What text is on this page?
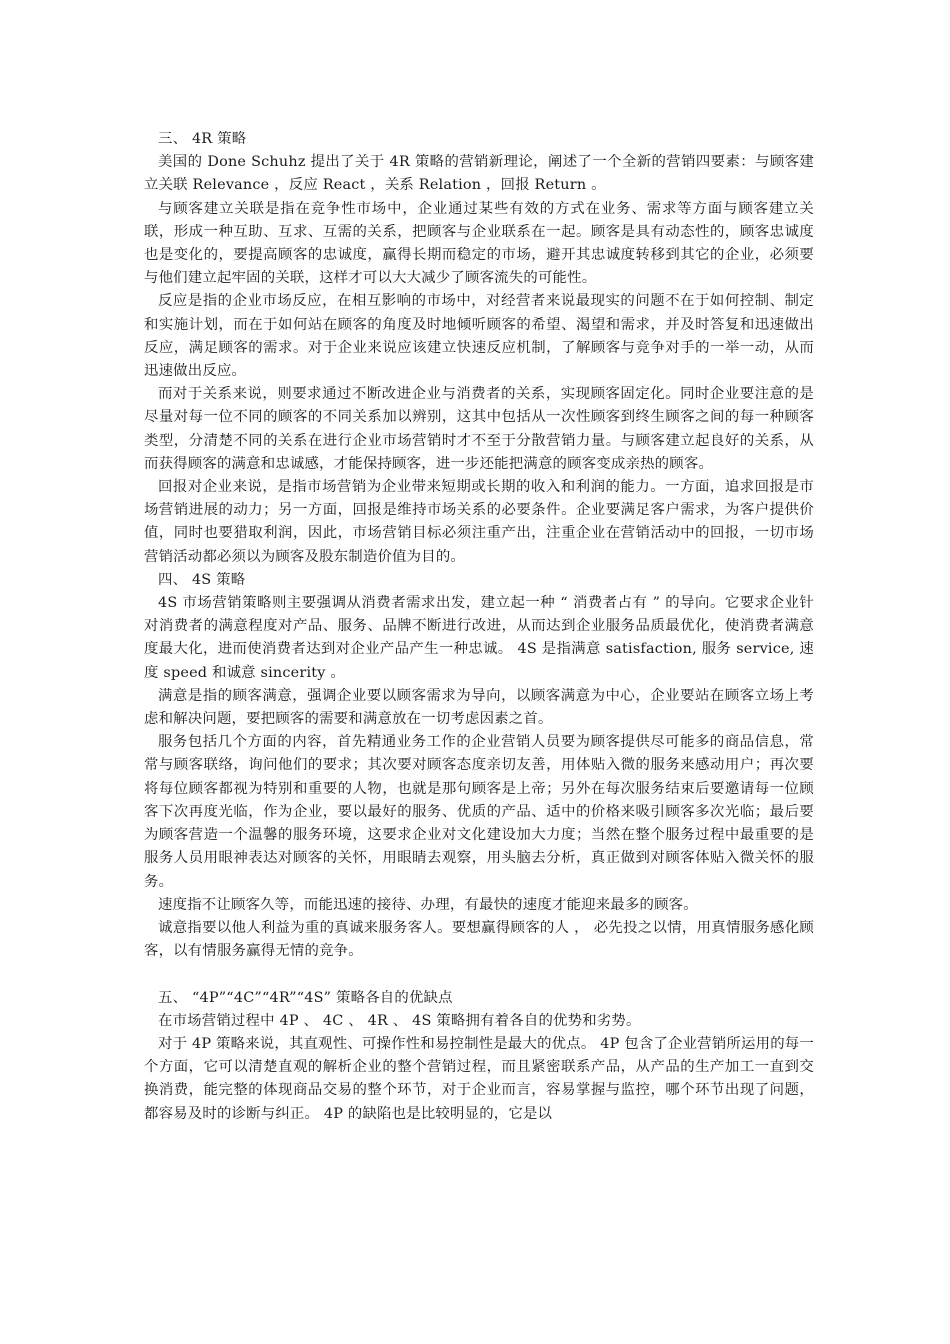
三、 4R 策略

美国的 Done Schuhz 提出了关于 4R 策略的营销新理论，阐述了一个全新的营销四要素：与顾客建立关联 Relevance ，反应 React ，关系 Relation ，回报 Return 。

与顾客建立关联是指在竞争性市场中，企业通过某些有效的方式在业务、需求等方面与顾客建立关联，形成一种互助、互求、互需的关系，把顾客与企业联系在一起。顾客是具有动态性的，顾客忠诚度也是变化的，要提高顾客的忠诚度，赢得长期而稳定的市场，避开其忠诚度转移到其它的企业，必须要与他们建立起牢固的关联，这样才可以大大减少了顾客流失的可能性。

反应是指的企业市场反应，在相互影响的市场中，对经营者来说最现实的问题不在于如何控制、制定和实施计划，而在于如何站在顾客的角度及时地倾听顾客的希望、渴望和需求，并及时答复和迅速做出反应，满足顾客的需求。对于企业来说应该建立快速反应机制，了解顾客与竞争对手的一举一动，从而迅速做出反应。

而对于关系来说，则要求通过不断改进企业与消费者的关系，实现顾客固定化。同时企业要注意的是尽量对每一位不同的顾客的不同关系加以辨别，这其中包括从一次性顾客到终生顾客之间的每一种顾客类型，分清楚不同的关系在进行企业市场营销时才不至于分散营销力量。与顾客建立起良好的关系，从而获得顾客的满意和忠诚感，才能保持顾客，进一步还能把满意的顾客变成亲热的顾客。

回报对企业来说，是指市场营销为企业带来短期或长期的收入和利润的能力。一方面，追求回报是市场营销进展的动力；另一方面，回报是维持市场关系的必要条件。企业要满足客户需求，为客户提供价值，同时也要猎取利润，因此，市场营销目标必须注重产出，注重企业在营销活动中的回报，一切市场营销活动都必须以为顾客及股东制造价值为目的。

四、 4S 策略

4S 市场营销策略则主要强调从消费者需求出发，建立起一种 “ 消费者占有 ” 的导向。它要求企业针对消费者的满意程度对产品、服务、品牌不断进行改进，从而达到企业服务品质最优化，使消费者满意度最大化，进而使消费者达到对企业产品产生一种忠诚。 4S 是指满意 satisfaction, 服务 service, 速度 speed 和诚意 sincerity 。

满意是指的顾客满意，强调企业要以顾客需求为导向，以顾客满意为中心，企业要站在顾客立场上考虑和解决问题，要把顾客的需要和满意放在一切考虑因素之首。

服务包括几个方面的内容，首先精通业务工作的企业营销人员要为顾客提供尽可能多的商品信息，常常与顾客联络，询问他们的要求；其次要对顾客态度亲切友善，用体贴入微的服务来感动用户；再次要将每位顾客都视为特别和重要的人物，也就是那句顾客是上帝；另外在每次服务结束后要邀请每一位顾客下次再度光临，作为企业，要以最好的服务、优质的产品、适中的价格来吸引顾客多次光临；最后要为顾客营造一个温馨的服务环境，这要求企业对文化建设加大力度；当然在整个服务过程中最重要的是服务人员用眼神表达对顾客的关怀，用眼睛去观察，用头脑去分析，真正做到对顾客体贴入微关怀的服务。

速度指不让顾客久等，而能迅速的接待、办理，有最快的速度才能迎来最多的顾客。

诚意指要以他人利益为重的真诚来服务客人。要想赢得顾客的人 ， 必先投之以情，用真情服务感化顾客，以有情服务赢得无情的竞争。

五、 “4P”“4C”“4R”“4S” 策略各自的优缺点

在市场营销过程中 4P 、 4C 、 4R 、 4S 策略拥有着各自的优势和劣势。

对于 4P 策略来说，其直观性、可操作性和易控制性是最大的优点。 4P 包含了企业营销所运用的每一个方面，它可以清楚直观的解析企业的整个营销过程，而且紧密联系产品，从产品的生产加工一直到交换消费，能完整的体现商品交易的整个环节，对于企业而言，容易掌握与监控，哪个环节出现了问题，都容易及时的诊断与纠正。 4P 的缺陷也是比较明显的，它是以
